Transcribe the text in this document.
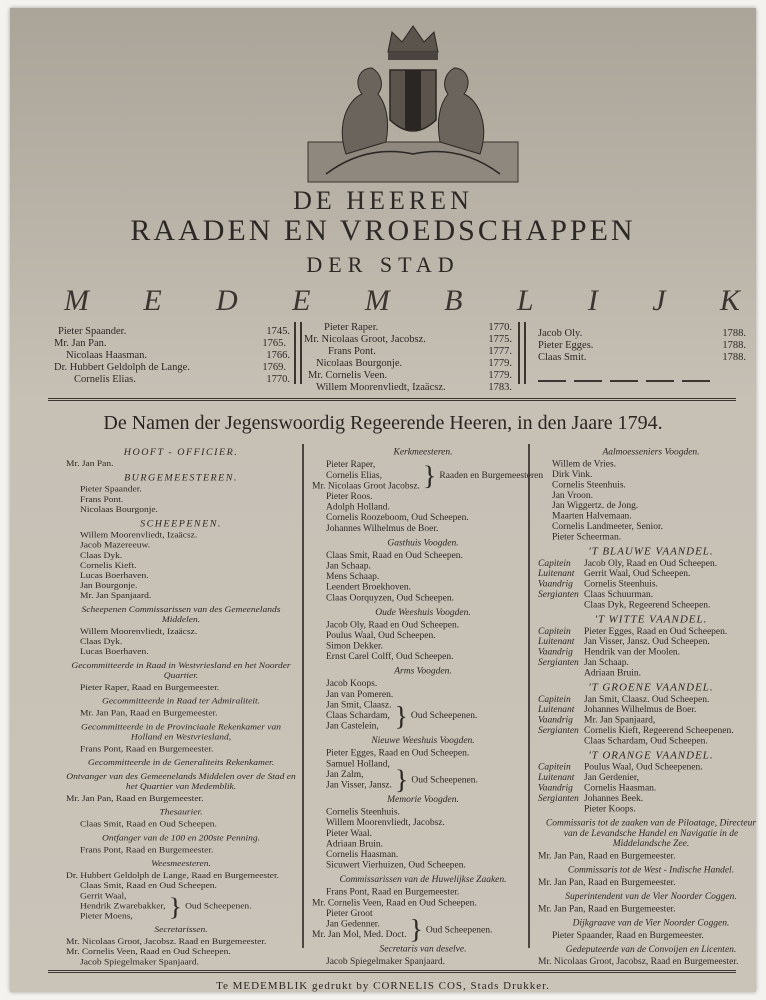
DE HEEREN
RAADEN EN VROEDSCHAPPEN
DER STAD
M E D E M B L I J K
Pieter Spaander.	1745.
Mr. Jan Pan.	1765.
Nicolaas Haasman.	1766.
Dr. Hubbert Geldolph de Lange.	1769.
Cornelis Elias.	1770.
Pieter Raper.	1770.
Mr. Nicolaas Groot, Jacobsz.	1775.
Frans Pont.	1777.
Nicolaas Bourgonje.	1779.
Mr. Cornelis Veen.	1779.
Willem Moorenvliedt, Izaäcsz.	1783.
Jacob Oly.	1788.
Pieter Egges.	1788.
Claas Smit.	1788.
De Namen der Jegenswoordig Regeerende Heeren, in den Jaare 1794.
HOOFT - OFFICIER.
Mr. Jan Pan.
BURGEMEESTEREN.
Pieter Spaander.
Frans Pont.
Nicolaas Bourgonje.
SCHEEPENEN.
Willem Moorenvliedt, Izaäcsz.
Jacob Mazereeuw.
Claas Dyk.
Cornelis Kieft.
Lucas Boerhaven.
Jan Bourgonje.
Mr. Jan Spanjaard.
Scheepenen Commissarissen van des Gemeenelands Middelen.
Willem Moorenvliedt, Izaäcsz.
Claas Dyk.
Lucas Boerhaven.
Gecommitteerde in Raad in Westvriesland en het Noorder Quartier.
Pieter Raper, Raad en Burgemeester.
Gecommitteerde in Raad ter Admiraliteit.
Mr. Jan Pan, Raad en Burgemeester.
Gecommitteerde in de Provinciaale Rekenkamer van Holland en Westvriesland,
Frans Pont, Raad en Burgemeester.
Gecommitteerde in de Generaliteits Rekenkamer.
Ontvanger van des Gemeenelands Middelen over de Stad en het Quartier van Medemblik.
Mr. Jan Pan, Raad en Burgemeester.
Thesaurier.
Claas Smit, Raad en Oud Scheepen.
Ontfanger van de 100 en 200ste Penning.
Frans Pont, Raad en Burgemeester.
Weesmeesteren.
Dr. Hubbert Geldolph de Lange, Raad en Burgemeester.
Claas Smit, Raad en Oud Scheepen.
Gerrit Waal,
Hendrik Zwarebakker,
Pieter Moens,	} Oud Scheepenen.
Secretarissen.
Mr. Nicolaas Groot, Jacobsz. Raad en Burgemeester.
Mr. Cornelis Veen, Raad en Oud Scheepen.
Jacob Spiegelmaker Spanjaard.
Kerkmeesteren.
Pieter Raper,
Cornelis Elias,
Mr. Nicolaas Groot Jacobsz. } Raaden en Burgemeesteren
Pieter Roos.
Adolph Holland.
Cornelis Roozeboom, Oud Scheepen.
Johannes Wilhelmus de Boer.
Gasthuis Voogden.
Claas Smit, Raad en Oud Scheepen.
Jan Schaap.
Mens Schaap.
Leendert Broekhoven.
Claas Oorquyzen, Oud Scheepen.
Oude Weeshuis Voogden.
Jacob Oly, Raad en Oud Scheepen.
Poulus Waal, Oud Scheepen.
Simon Dekker.
Ernst Carel Colff, Oud Scheepen.
Arms Voogden.
Jacob Koops.
Jan van Pomeren.
Jan Smit, Claasz.
Claas Schardam,
Jan Castelein, } Oud Scheepenen.
Nieuwe Weeshuis Voogden.
Pieter Egges, Raad en Oud Scheepen.
Samuel Holland,
Jan Zalm,
Jan Visser, Jansz. } Oud Scheepenen.
Memorie Voogden.
Cornelis Steenhuis.
Willem Moorenvliedt, Jacobsz.
Pieter Waal.
Adriaan Bruin.
Cornelis Haasman.
Sicuwert Vierhuizen, Oud Scheepen.
Commissarissen van de Huwelijkse Zaaken.
Frans Pont, Raad en Burgemeester.
Mr. Cornelis Veen, Raad en Oud Scheepen.
Pieter Groot
Jan Gedenner.
Mr. Jan Mol, Med. Doct. } Oud Scheepenen.
Secretaris van deselve.
Jacob Spiegelmaker Spanjaard.
Aalmoesseniers Voogden.
Willem de Vries.
Dirk Vink.
Cornelis Steenhuis.
Jan Vroon.
Jan Wiggertz. de Jong.
Maarten Halvemaan.
Cornelis Landmeeter, Senior.
Pieter Scheerman.
'T BLAUWE VAANDEL.
Capitein	Jacob Oly, Raad en Oud Scheepen.
Luitenant	Gerrit Waal, Oud Scheepen.
Vaandrig	Cornelis Steenhuis.
Sergianten Claas Schuurman.
Claas Dyk, Regeerend Scheepen.
'T WITTE VAANDEL.
Capitein	Pieter Egges, Raad en Oud Scheepen.
Luitenant	Jan Visser, Jansz. Oud Scheepen.
Vaandrig	Hendrik van der Moolen.
Sergianten Jan Schaap.
Adriaan Bruin.
'T GROENE VAANDEL.
Capitein	Jan Smit, Claasz. Oud Scheepen.
Luitenant	Johannes Wilhelmus de Boer.
Vaandrig	Mr. Jan Spanjaard,
Sergianten Cornelis Kieft, Regeerend Scheepenen.
Claas Schardam, Oud Scheepen.
'T ORANGE VAANDEL.
Capitein	Poulus Waal, Oud Scheepenen.
Luitenant	Jan Gerdenier,
Vaandrig	Cornelis Haasman.
Sergianten Johannes Beek.
Pieter Koops.
Commissaris tot de zaaken van de Piloatage, Directeur van de Levandsche Handel en Navigatie in de Middelandsche Zee.
Mr. Jan Pan, Raad en Burgemeester.
Commissaris tot de West - Indische Handel.
Mr. Jan Pan, Raad en Burgemeester.
Superintendent van de Vier Noorder Coggen.
Mr. Jan Pan, Raad en Burgemeester.
Dijkgraave van de Vier Noorder Coggen.
Pieter Spaander, Raad en Burgemeester.
Gedeputeerde van de Convoijen en Licenten.
Mr. Nicolaas Groot, Jacobsz, Raad en Burgemeester.
Te MEDEMBLIK gedrukt by CORNELIS COS, Stads Drukker.
